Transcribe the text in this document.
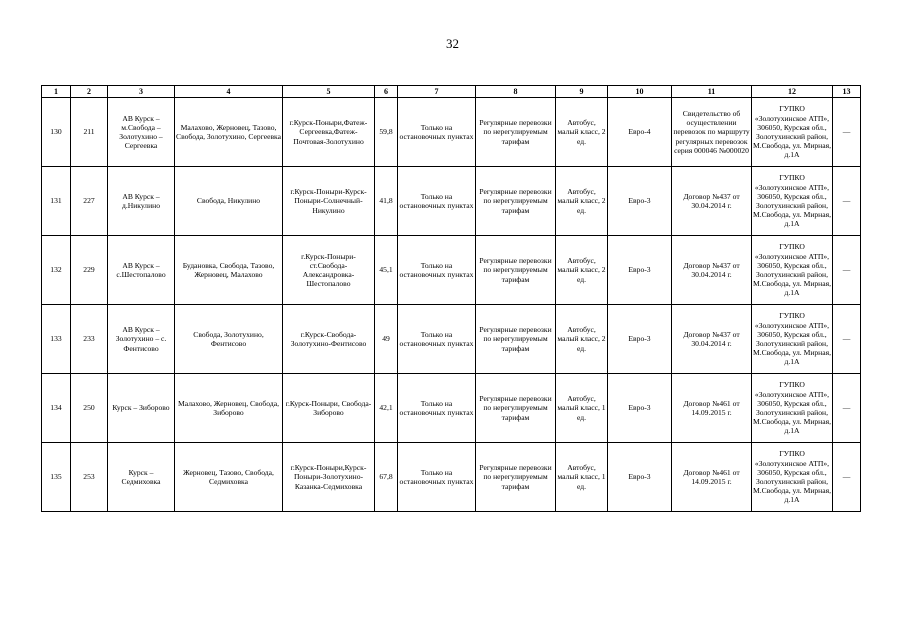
32
1	2	3	4	5	6	7	8	9	10	11	12	13
130	211	АВ Курск – м.Свобода – Золотухино – Сергеевка	Малахово, Жерновец, Тазово, Свобода, Золотухино, Сергеевка	г.Курск-Поныри,Фатеж-Сергеевка,Фатеж-Почтовая-Золотухино	59,8	Только на остановочных пунктах	Регулярные перевозки по нерегулируемым тарифам	Автобус, малый класс, 2 ед.	Евро-4	Свидетельство об осуществлении перевозок по маршруту регулярных перевозок серия 000046 №000020	ГУПКО «Золотухинское АТП», 306050, Курская обл., Золотухинский район, М.Свобода, ул. Мирная, д.1А	—
131	227	АВ Курск – д.Никулино	Свобода, Никулино	г.Курск-Поныри-Курск-Поныри-Солнечный-Никулино	41,8	Только на остановочных пунктах	Регулярные перевозки по нерегулируемым тарифам	Автобус, малый класс, 2 ед.	Евро-3	Договор №437 от 30.04.2014 г.	ГУПКО «Золотухинское АТП», 306050, Курская обл., Золотухинский район, М.Свобода, ул. Мирная, д.1А	—
132	229	АВ Курск – с.Шестопалово	Будановка, Свобода, Тазово, Жерновец, Малахово	г.Курск-Поныри-ст.Свобода-Александровка-Шестопалово	45,1	Только на остановочных пунктах	Регулярные перевозки по нерегулируемым тарифам	Автобус, малый класс, 2 ед.	Евро-3	Договор №437 от 30.04.2014 г.	ГУПКО «Золотухинское АТП», 306050, Курская обл., Золотухинский район, М.Свобода, ул. Мирная, д.1А	—
133	233	АВ Курск – Золотухино – с. Фентисово	Свобода, Золотухино, Фентисово	г.Курск-Свобода-Золотухино-Фентисово	49	Только на остановочных пунктах	Регулярные перевозки по нерегулируемым тарифам	Автобус, малый класс, 2 ед.	Евро-3	Договор №437 от 30.04.2014 г.	ГУПКО «Золотухинское АТП», 306050, Курская обл., Золотухинский район, М.Свобода, ул. Мирная, д.1А	—
134	250	Курск – Зиборово	Малахово, Жерновец, Свобода, Зиборово	г.Курск-Поныри, Свобода-Зиборово	42,1	Только на остановочных пунктах	Регулярные перевозки по нерегулируемым тарифам	Автобус, малый класс, 1 ед.	Евро-3	Договор №461 от 14.09.2015 г.	ГУПКО «Золотухинское АТП», 306050, Курская обл., Золотухинский район, М.Свобода, ул. Мирная, д.1А	—
135	253	Курск – Седмиховка	Жерновец, Тазово, Свобода, Седмиховка	г.Курск-Поныри,Курск-Поныри-Золотухино-Казанка-Седмиховка	67,8	Только на остановочных пунктах	Регулярные перевозки по нерегулируемым тарифам	Автобус, малый класс, 1 ед.	Евро-3	Договор №461 от 14.09.2015 г.	ГУПКО «Золотухинское АТП», 306050, Курская обл., Золотухинский район, М.Свобода, ул. Мирная, д.1А	—
